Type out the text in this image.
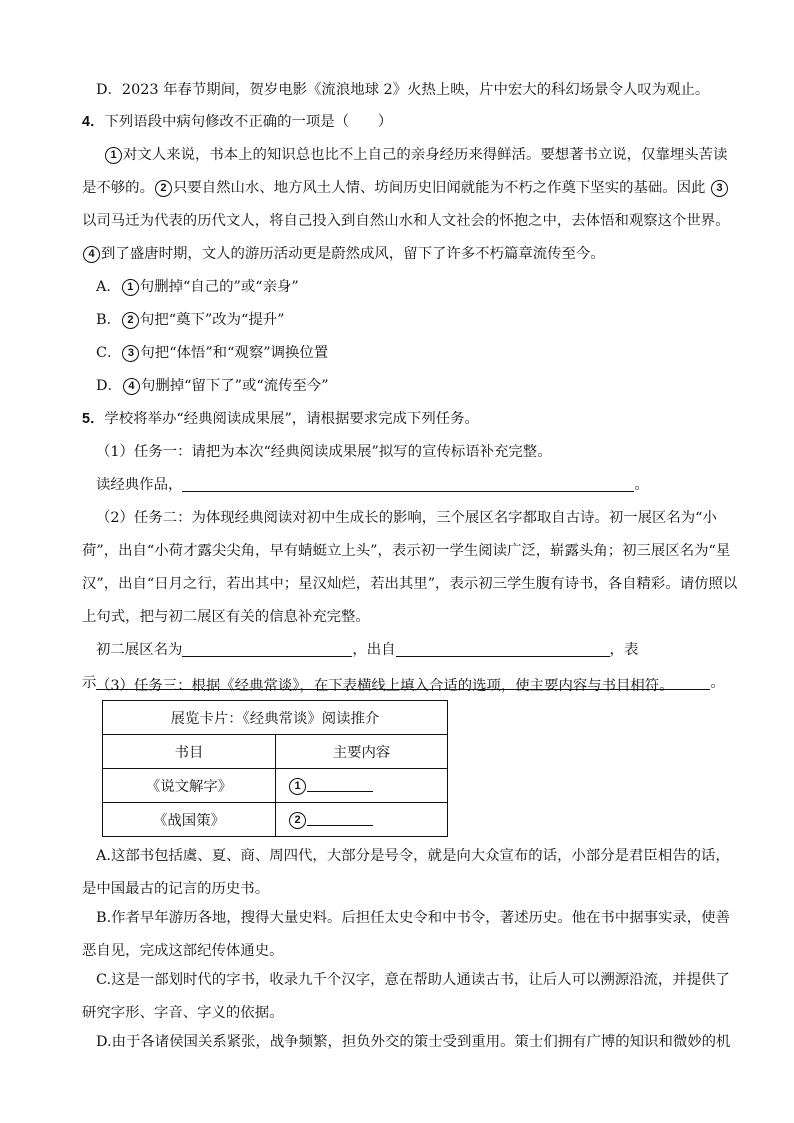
D．2023 年春节期间，贺岁电影《流浪地球 2》火热上映，片中宏大的科幻场景令人叹为观止。
4．下列语段中病句修改不正确的一项是（　　）
1 对文人来说，书本上的知识总也比不上自己的亲身经历来得鲜活。要想著书立说，仅靠埋头苦读
是不够的。 2 只要自然山水、地方风土人情、坊间历史旧闻就能为不朽之作奠下坚实的基础。因此 3
以司马迁为代表的历代文人，将自己投入到自然山水和人文社会的怀抱之中，去体悟和观察这个世界。
4 到了盛唐时期，文人的游历活动更是蔚然成风，留下了许多不朽篇章流传至今。
A． 1 句删掉“自己的”或“亲身”
B． 2 句把“奠下”改为“提升”
C． 3 句把“体悟”和“观察”调换位置
D． 4 句删掉“留下了”或“流传至今”
5．学校将举办“经典阅读成果展”，请根据要求完成下列任务。
（1）任务一：请把为本次“经典阅读成果展”拟写的宣传标语补充完整。
读经典作品，	。
（2）任务二：为体现经典阅读对初中生成长的影响，三个展区名字都取自古诗。初一展区名为“小
荷”，出自“小荷才露尖尖角，早有蜻蜓立上头”，表示初一学生阅读广泛，崭露头角；初三展区名为“星
汉”，出自“日月之行，若出其中；星汉灿烂，若出其里”，表示初三学生腹有诗书，各自精彩。请仿照以
上句式，把与初二展区有关的信息补充完整。
初二展区名为	，出自	，表
示	。
（3）任务三：根据《经典常谈》，在下表横线上填入合适的选项，使主要内容与书目相符。
展览卡片：《经典常谈》阅读推介	
书目	主要内容
《说文解字》	1
《战国策》	2
A.这部书包括虞、夏、商、周四代，大部分是号令，就是向大众宣布的话，小部分是君臣相告的话，
是中国最古的记言的历史书。
B.作者早年游历各地，搜得大量史料。后担任太史令和中书令，著述历史。他在书中据事实录，使善
恶自见，完成这部纪传体通史。
C.这是一部划时代的字书，收录九千个汉字，意在帮助人通读古书，让后人可以溯源沿流，并提供了
研究字形、字音、字义的依据。
D.由于各诸侯国关系紧张，战争频繁，担负外交的策士受到重用。策士们拥有广博的知识和微妙的机
